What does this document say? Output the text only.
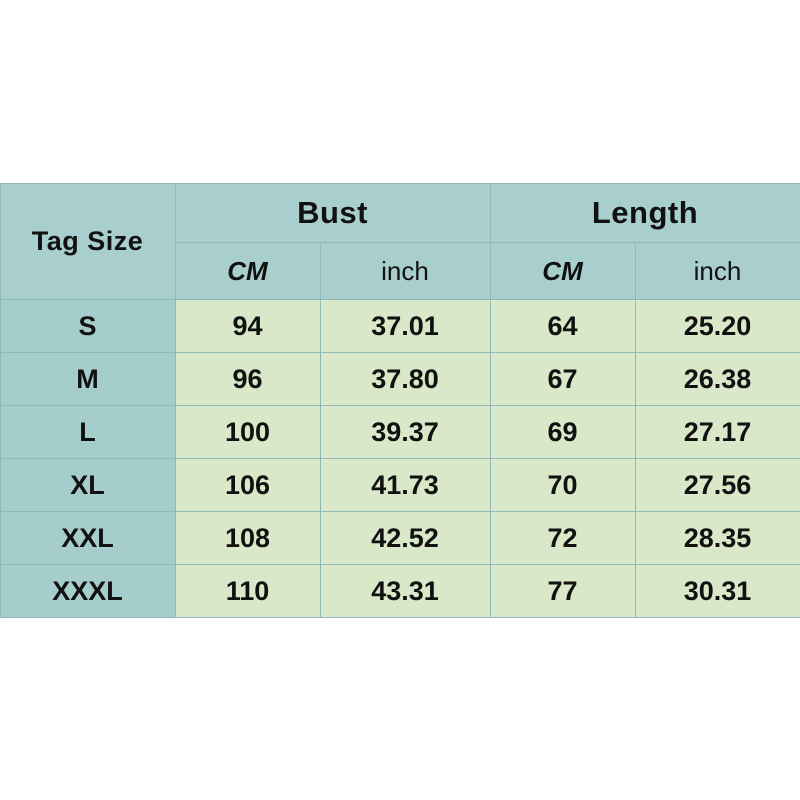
Tag Size	Bust		Length	
	CM	inch	CM	inch
S	94	37.01	64	25.20
M	96	37.80	67	26.38
L	100	39.37	69	27.17
XL	106	41.73	70	27.56
XXL	108	42.52	72	28.35
XXXL	110	43.31	77	30.31
